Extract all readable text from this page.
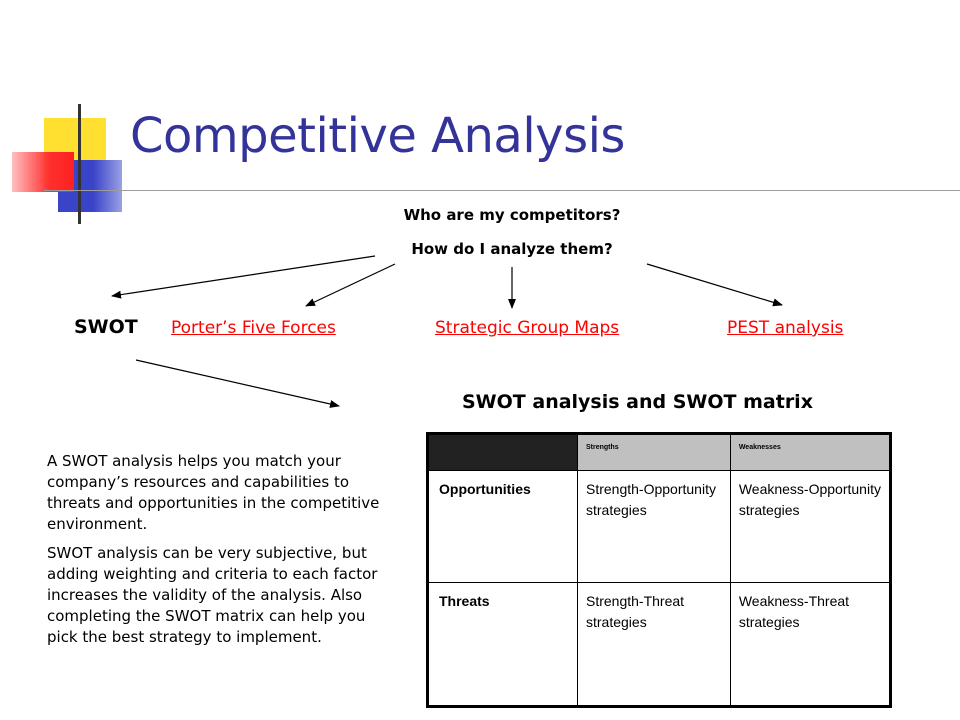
Competitive Analysis
Who are my competitors?
How do I analyze them?
SWOT Porter’s Five Forces	Strategic Group Maps	PEST analysis
SWOT analysis and SWOT matrix

A SWOT analysis helps you match your company’s resources and capabilities to threats and opportunities in the competitive environment.

SWOT analysis can be very subjective, but adding weighting and criteria to each factor increases the validity of the analysis. Also completing the SWOT matrix can help you pick the best strategy to implement.

	Strengths	Weaknesses
Opportunities	Strength-Opportunity strategies	Weakness-Opportunity strategies
Threats	Strength-Threat strategies	Weakness-Threat strategies
